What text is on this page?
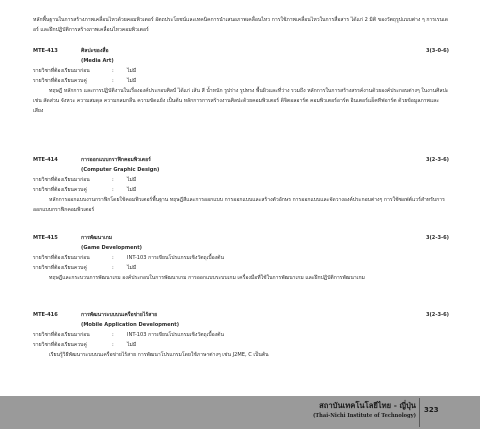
หลักพื้นฐานในการสร้างภาพเคลื่อนไหวด้วยคอมพิวเตอร์ อัตถประโยชน์และเทคนิคการนำเสนอภาพเคลื่อนไหว การใช้ภาพเคลื่อนไหวในการสื่อสาร ได้แก่ 2 มิติ ของวัตถุรูปแบบต่าง ๆ การเรนเดอร์ และฝึกปฏิบัติการสร้างภาพเคลื่อนไหวคอมพิวเตอร์
MTE-413	ศิลปะของสื่อ	3(3-0-6)
(Media Art)
รายวิชาที่ต้องเรียนมาก่อน	:	ไม่มี
รายวิชาที่ต้องเรียนควบคู่	:	ไม่มี
ทฤษฎี หลักการ และการปฏิบัติงานในเรื่ององค์ประกอบศิลป์ ได้แก่ เส้น สี น้ำหนัก รูปร่าง รูปทรง พื้นผิวและที่ว่าง รวมถึง หลักการในการสร้างสรรค์งานด้วยองค์ประกอบต่างๆ ในงานศิลปะ เช่น สัดส่วน จังหวะ ความสมดุล ความกลมกลืน ความขัดแย้ง เป็นต้น หลักการการสร้างงานศิลปะด้วยคอมพิวเตอร์ ดิจิตอลอาร์ต คอมพิวเตอร์อาร์ต อินเตอร์แอ็คทีฟอาร์ต ด้วยข้อมูลภาพและเสียง
MTE-414	การออกแบบกราฟิกคอมพิวเตอร์	3(2-3-6)
(Computer Graphic Design)
รายวิชาที่ต้องเรียนมาก่อน	:	ไม่มี
รายวิชาที่ต้องเรียนควบคู่	:	ไม่มี
หลักการออกแบบงานกราฟิกโดยใช้คอมพิวเตอร์พื้นฐาน ทฤษฎีสีและการออกแบบ การออกแบบและสร้างตัวอักษร การออกแบบและจัดวางองค์ประกอบต่างๆ การใช้ซอฟต์แวร์สำหรับการออกแบบกราฟิกคอมพิวเตอร์
MTE-415	การพัฒนาเกม	3(2-3-6)
(Game Development)
รายวิชาที่ต้องเรียนมาก่อน	:	INT-103 การเขียนโปรแกรมเชิงวัตถุเบื้องต้น
รายวิชาที่ต้องเรียนควบคู่	:	ไม่มี
ทฤษฎีและกระบวนการพัฒนาเกม องค์ประกอบในการพัฒนาเกม การออกแบบระบบเกม เครื่องมือที่ใช้ในการพัฒนาเกม และฝึกปฏิบัติการพัฒนาเกม
MTE-416	การพัฒนาระบบบนเครือข่ายไร้สาย	3(2-3-6)
(Mobile Application Development)
รายวิชาที่ต้องเรียนมาก่อน	:	INT-103 การเขียนโปรแกรมเชิงวัตถุเบื้องต้น
รายวิชาที่ต้องเรียนควบคู่	:	ไม่มี
เรียนรู้วิธีพัฒนาระบบบนเครือข่ายไร้สาย การพัฒนาโปรแกรมโดยใช้ภาษาต่างๆ เช่น J2ME, C เป็นต้น
สถาบันเทคโนโลยีไทย - ญี่ปุ่น
(Thai-Nichi Institute of Technology)
323
